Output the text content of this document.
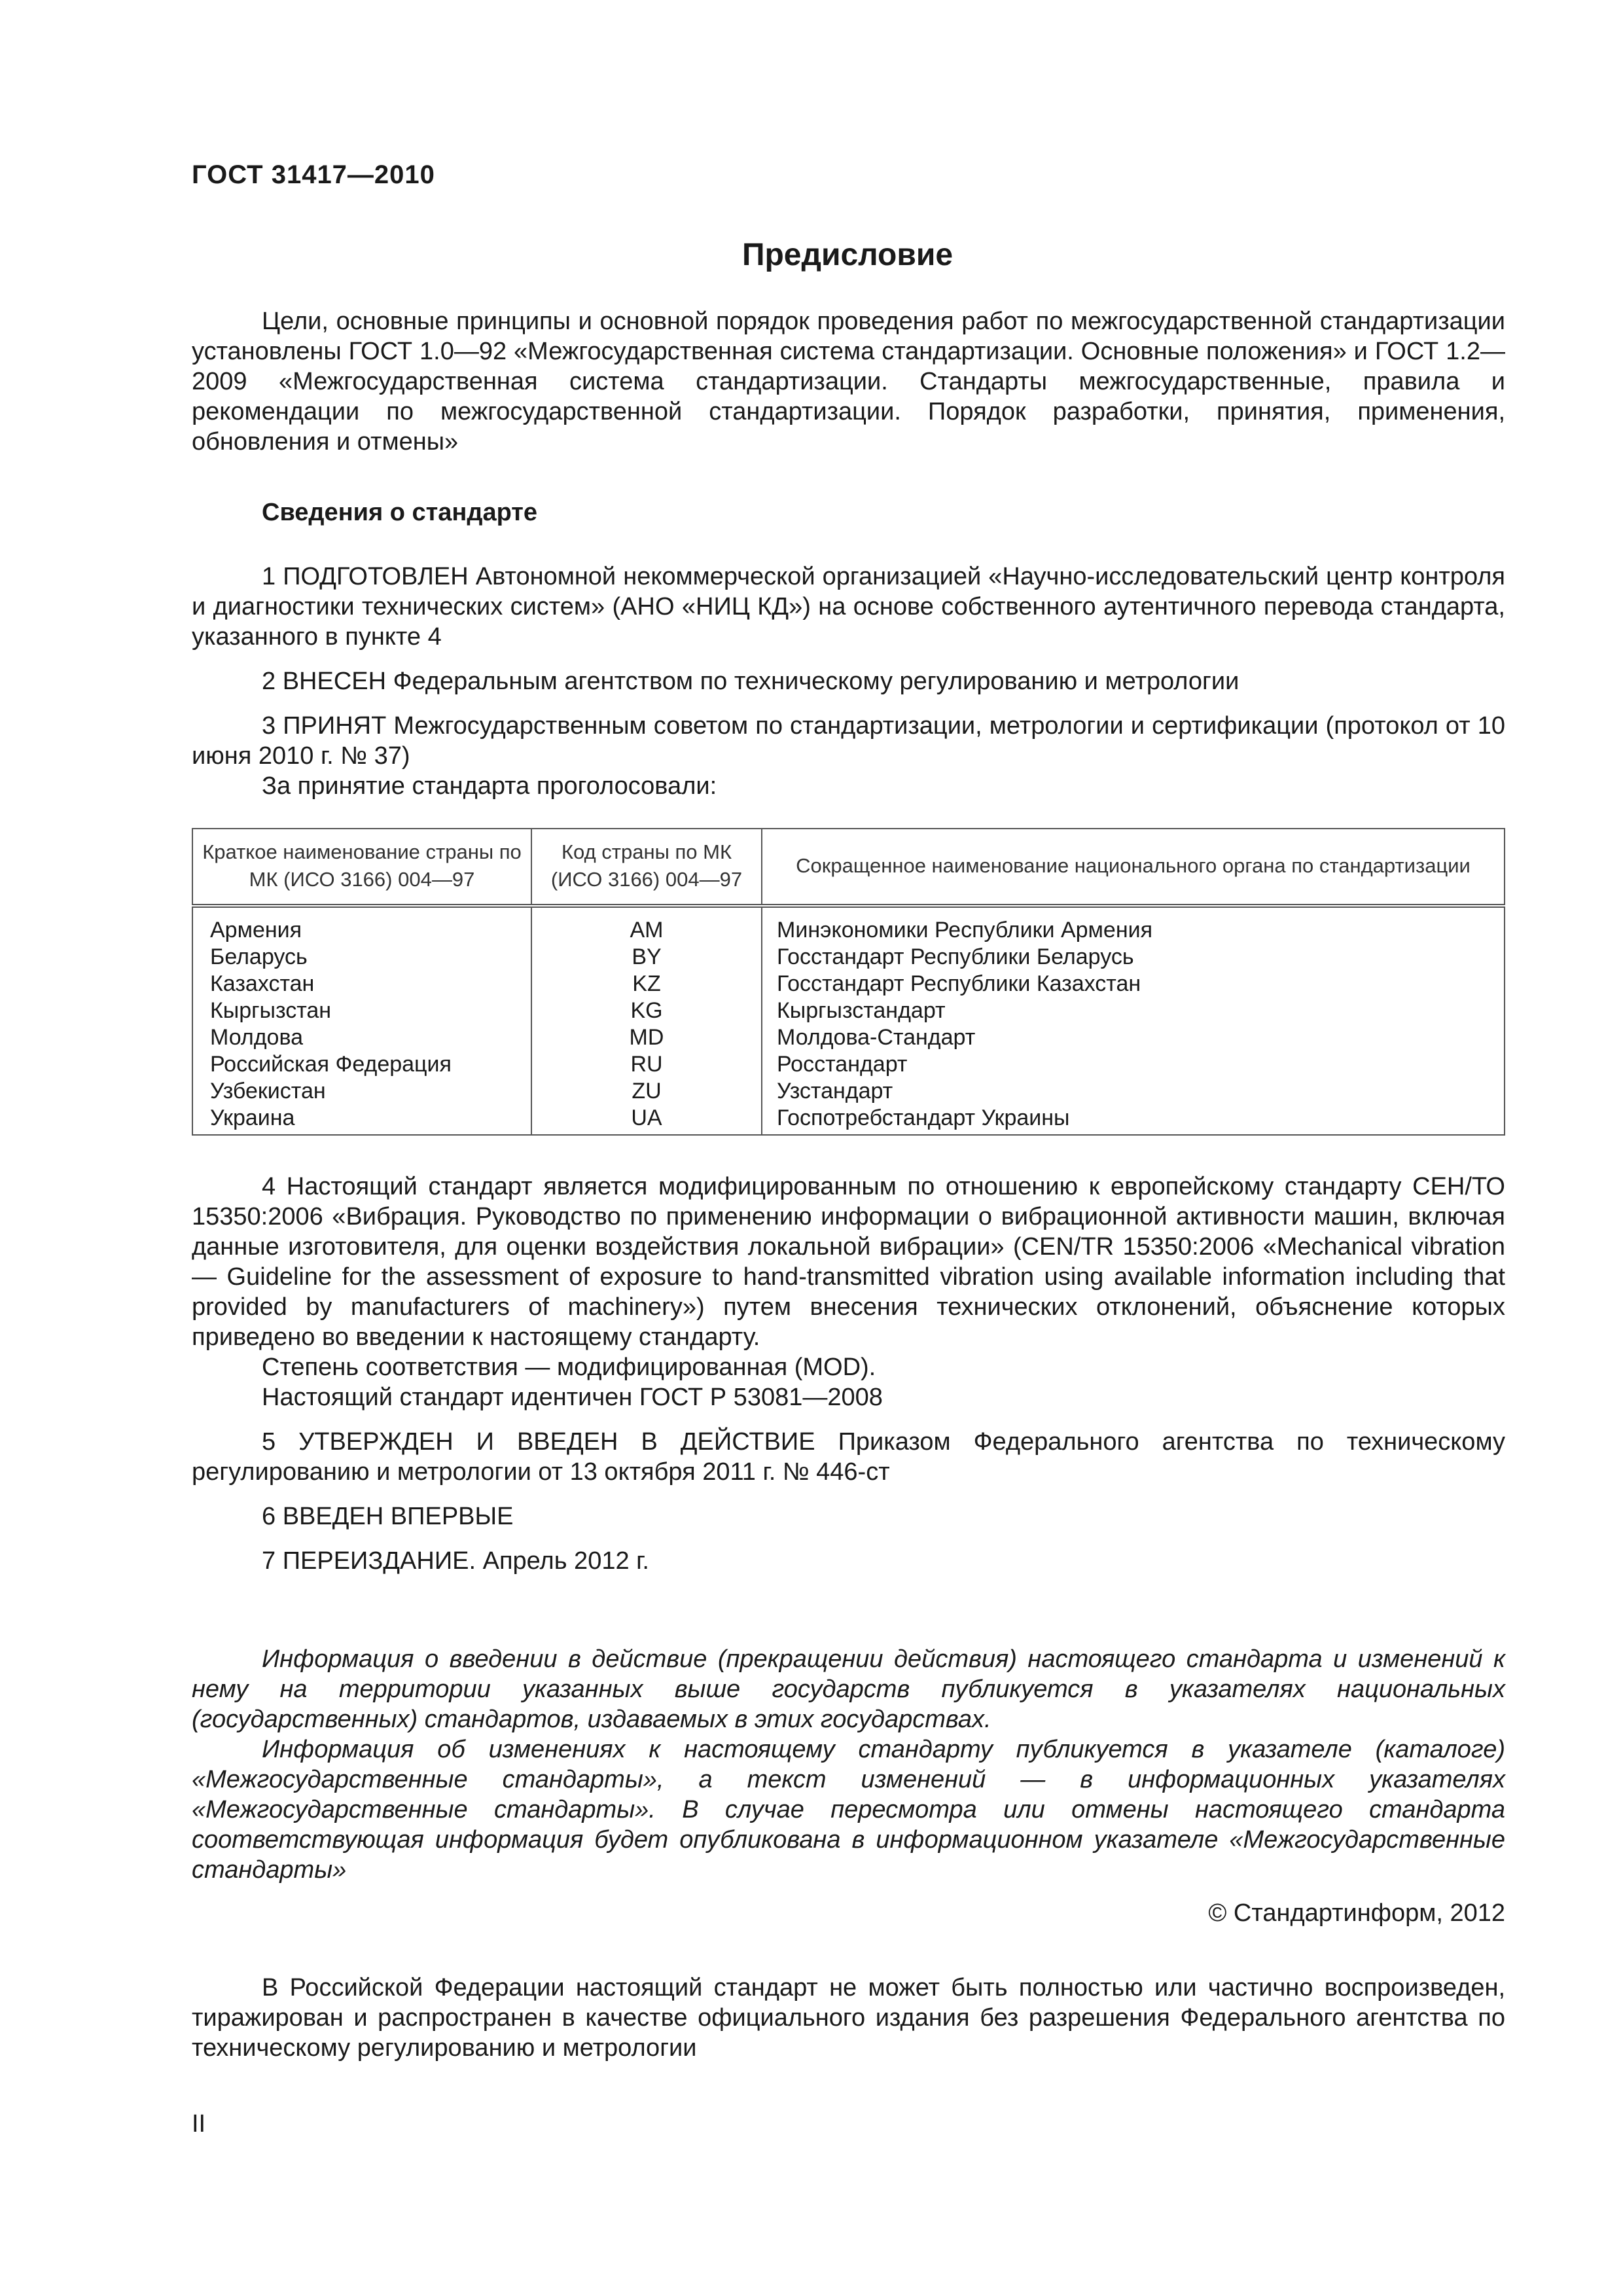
ГОСТ 31417—2010
Предисловие

Цели, основные принципы и основной порядок проведения работ по межгосударственной стандартизации установлены ГОСТ 1.0—92 «Межгосударственная система стандартизации. Основные положения» и ГОСТ 1.2—2009 «Межгосударственная система стандартизации. Стандарты межгосударственные, правила и рекомендации по межгосударственной стандартизации. Порядок разработки, принятия, применения, обновления и отмены»

Сведения о стандарте

1 ПОДГОТОВЛЕН Автономной некоммерческой организацией «Научно-исследовательский центр контроля и диагностики технических систем» (АНО «НИЦ КД») на основе собственного аутентичного перевода стандарта, указанного в пункте 4

2 ВНЕСЕН Федеральным агентством по техническому регулированию и метрологии

3 ПРИНЯТ Межгосударственным советом по стандартизации, метрологии и сертификации (протокол от 10 июня 2010 г. № 37)

За принятие стандарта проголосовали:

Краткое наименование страны по МК (ИСО 3166) 004—97	Код страны по МК (ИСО 3166) 004—97	Сокращенное наименование национального органа по стандартизации
Армения	AM	Минэкономики Республики Армения
Беларусь	BY	Госстандарт Республики Беларусь
Казахстан	KZ	Госстандарт Республики Казахстан
Кыргызстан	KG	Кыргызстандарт
Молдова	MD	Молдова-Стандарт
Российская Федерация	RU	Росстандарт
Узбекистан	ZU	Узстандарт
Украина	UA	Госпотребстандарт Украины

4 Настоящий стандарт является модифицированным по отношению к европейскому стандарту СЕН/ТО 15350:2006 «Вибрация. Руководство по применению информации о вибрационной активности машин, включая данные изготовителя, для оценки воздействия локальной вибрации» (CEN/TR 15350:2006 «Mechanical vibration — Guideline for the assessment of exposure to hand-transmitted vibration using available information including that provided by manufacturers of machinery») путем внесения технических отклонений, объяснение которых приведено во введении к настоящему стандарту.

Степень соответствия — модифицированная (MOD).

Настоящий стандарт идентичен ГОСТ Р 53081—2008

5 УТВЕРЖДЕН И ВВЕДЕН В ДЕЙСТВИЕ Приказом Федерального агентства по техническому регулированию и метрологии от 13 октября 2011 г. № 446-ст

6 ВВЕДЕН ВПЕРВЫЕ

7 ПЕРЕИЗДАНИЕ. Апрель 2012 г.

Информация о введении в действие (прекращении действия) настоящего стандарта и изменений к нему на территории указанных выше государств публикуется в указателях национальных (государственных) стандартов, издаваемых в этих государствах.

Информация об изменениях к настоящему стандарту публикуется в указателе (каталоге) «Межгосударственные стандарты», а текст изменений — в информационных указателях «Межгосударственные стандарты». В случае пересмотра или отмены настоящего стандарта соответствующая информация будет опубликована в информационном указателе «Межгосударственные стандарты»

© Стандартинформ, 2012

В Российской Федерации настоящий стандарт не может быть полностью или частично воспроизведен, тиражирован и распространен в качестве официального издания без разрешения Федерального агентства по техническому регулированию и метрологии

II
